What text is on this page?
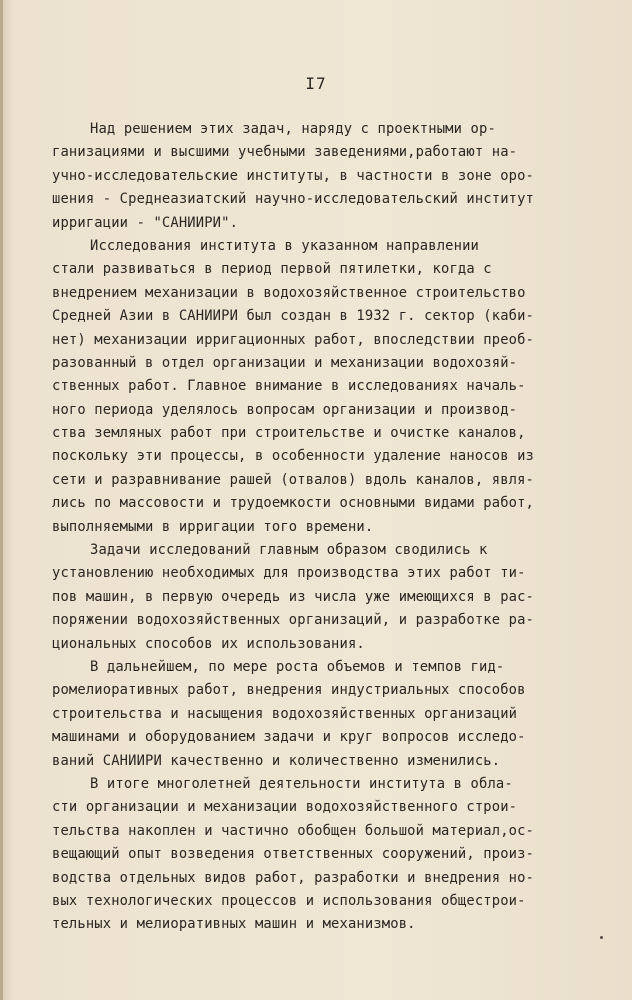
I7
Над решением этих задач, наряду с проектными ор-
ганизациями и высшими учебными заведениями,работают на-
учно-исследовательские институты, в частности в зоне оро-
шения - Среднеазиатский научно-исследовательский институт
ирригации - "САНИИРИ".
Исследования института в указанном направлении
стали развиваться в период первой пятилетки, когда с
внедрением механизации в водохозяйственное строительство
Средней Азии в САНИИРИ был создан в 1932 г. сектор (каби-
нет) механизации ирригационных работ, впоследствии преоб-
разованный в отдел организации и механизации водохозяй-
ственных работ. Главное внимание в исследованиях началь-
ного периода уделялось вопросам организации и производ-
ства земляных работ при строительстве и очистке каналов,
поскольку эти процессы, в особенности удаление наносов из
сети и разравнивание рашей (отвалов) вдоль каналов, явля-
лись по массовости и трудоемкости основными видами работ,
выполняемыми в ирригации того времени.
Задачи исследований главным образом сводились к
установлению необходимых для производства этих работ ти-
пов машин, в первую очередь из числа уже имеющихся в рас-
поряжении водохозяйственных организаций, и разработке ра-
циональных способов их использования.
В дальнейшем, по мере роста объемов и темпов гид-
ромелиоративных работ, внедрения индустриальных способов
строительства и насыщения водохозяйственных организаций
машинами и оборудованием задачи и круг вопросов исследо-
ваний САНИИРИ качественно и количественно изменились.
В итоге многолетней деятельности института в обла-
сти организации и механизации водохозяйственного строи-
тельства накоплен и частично обобщен большой материал,ос-
вещающий опыт возведения ответственных сооружений, произ-
водства отдельных видов работ, разработки и внедрения но-
вых технологических процессов и использования общестрои-
тельных и мелиоративных машин и механизмов.
